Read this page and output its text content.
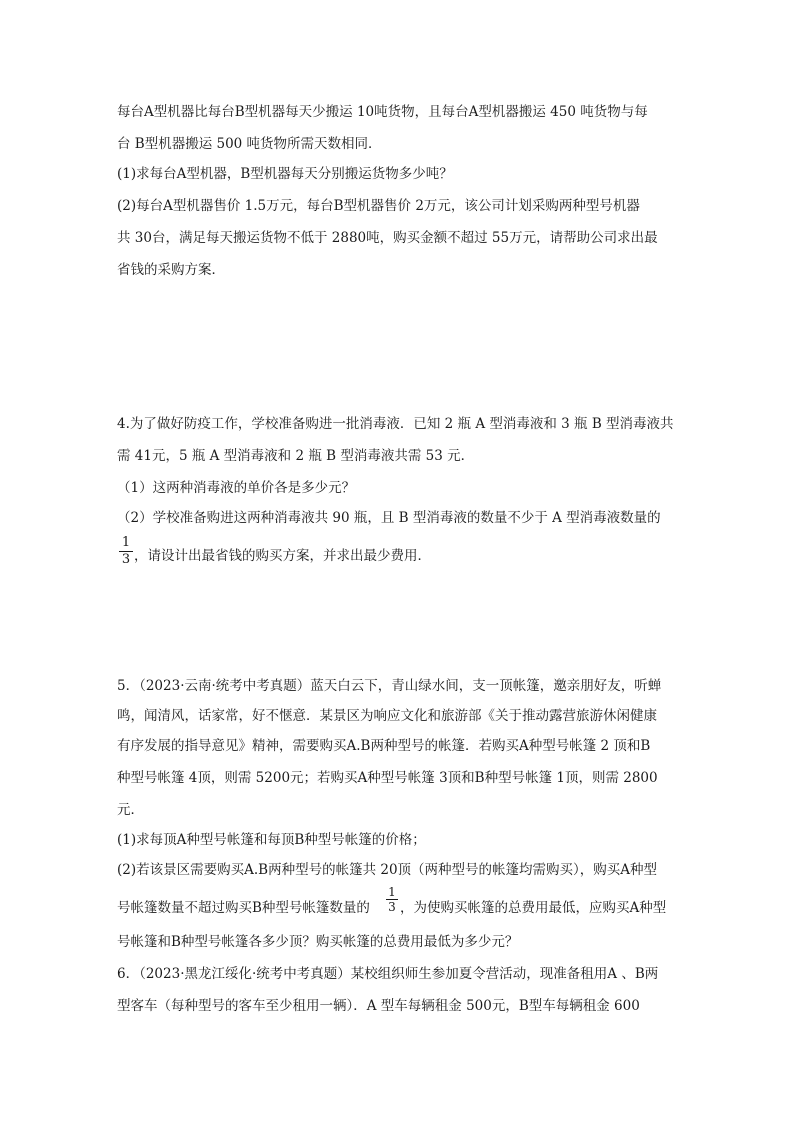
每台A型机器比每台B型机器每天少搬运 10吨货物，且每台A型机器搬运 450 吨货物与每
台 B型机器搬运 500 吨货物所需天数相同．
(1)求每台A型机器，B型机器每天分别搬运货物多少吨？
(2)每台A型机器售价 1.5万元，每台B型机器售价 2万元，该公司计划采购两种型号机器
共 30台，满足每天搬运货物不低于 2880吨，购买金额不超过 55万元，请帮助公司求出最
省钱的采购方案．
4.为了做好防疫工作，学校准备购进一批消毒液．已知 2 瓶 A 型消毒液和 3 瓶 B 型消毒液共
需 41元，5 瓶 A 型消毒液和 2 瓶 B 型消毒液共需 53 元．
（1）这两种消毒液的单价各是多少元？
（2）学校准备购进这两种消毒液共 90 瓶，且 B 型消毒液的数量不少于 A 型消毒液数量的
1
3 ，请设计出最省钱的购买方案，并求出最少费用．
5．（2023·云南·统考中考真题）蓝天白云下，青山绿水间，支一顶帐篷，邀亲朋好友，听蝉
鸣，闻清风，话家常，好不惬意．某景区为响应文化和旅游部《关于推动露营旅游休闲健康
有序发展的指导意见》精神，需要购买A.B两种型号的帐篷．若购买A种型号帐篷 2 顶和B
种型号帐篷 4顶，则需 5200元；若购买A种型号帐篷 3顶和B种型号帐篷 1顶，则需 2800
元．
(1)求每顶A种型号帐篷和每顶B种型号帐篷的价格；
(2)若该景区需要购买A.B两种型号的帐篷共 20顶（两种型号的帐篷均需购买），购买A种型
号帐篷数量不超过购买B种型号帐篷数量的
1
3 ，为使购买帐篷的总费用最低，应购买A种型
号帐篷和B种型号帐篷各多少顶？购买帐篷的总费用最低为多少元？
6．（2023·黑龙江绥化·统考中考真题）某校组织师生参加夏令营活动，现准备租用A 、B两
型客车（每种型号的客车至少租用一辆）．A 型车每辆租金 500元，B型车每辆租金 600
